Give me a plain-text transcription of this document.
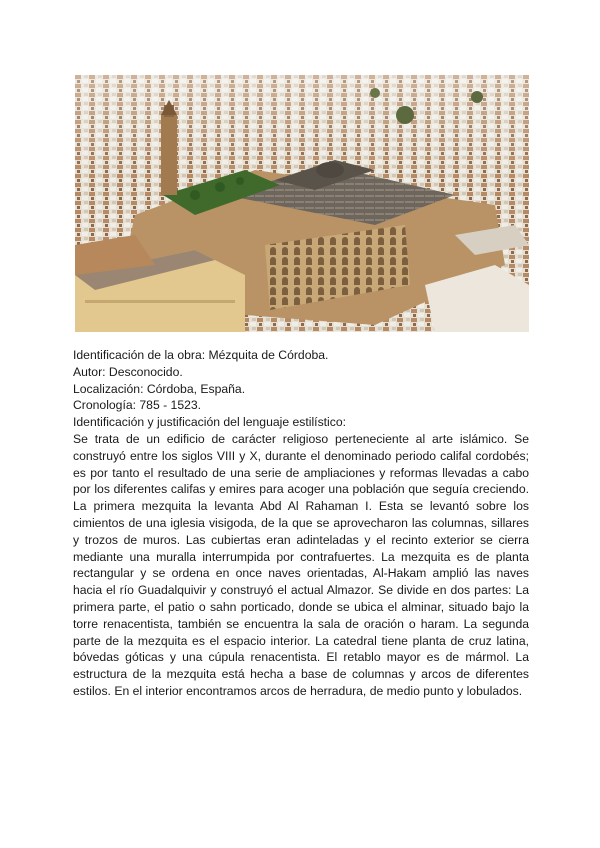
Identificación de la obra: Mézquita de Córdoba.

Autor: Desconocido.

Localización: Córdoba, España.

Cronología: 785 - 1523.

Identificación y justificación del lenguaje estilístico:

Se trata de un edificio de carácter religioso perteneciente al arte islámico. Se construyó entre los siglos VIII y X, durante el denominado periodo califal cordobés; es por tanto el resultado de una serie de ampliaciones y reformas llevadas a cabo por los diferentes califas y emires para acoger una población que seguía creciendo. La primera mezquita la levanta Abd Al Rahaman I. Esta se levantó sobre los cimientos de una iglesia visigoda, de la que se aprovecharon las columnas, sillares y trozos de muros. Las cubiertas eran adinteladas y el recinto exterior se cierra mediante una muralla interrumpida por contrafuertes. La mezquita es de planta rectangular y se ordena en once naves orientadas, Al-Hakam amplió las naves hacia el río Guadalquivir y construyó el actual Almazor. Se divide en dos partes: La primera parte, el patio o sahn porticado, donde se ubica el alminar, situado bajo la torre renacentista, también se encuentra la sala de oración o haram. La segunda parte de la mezquita es el espacio interior. La catedral tiene planta de cruz latina, bóvedas góticas y una cúpula renacentista. El retablo mayor es de mármol. La estructura de la mezquita está hecha a base de columnas y arcos de diferentes estilos. En el interior encontramos arcos de herradura, de medio punto y lobulados.
